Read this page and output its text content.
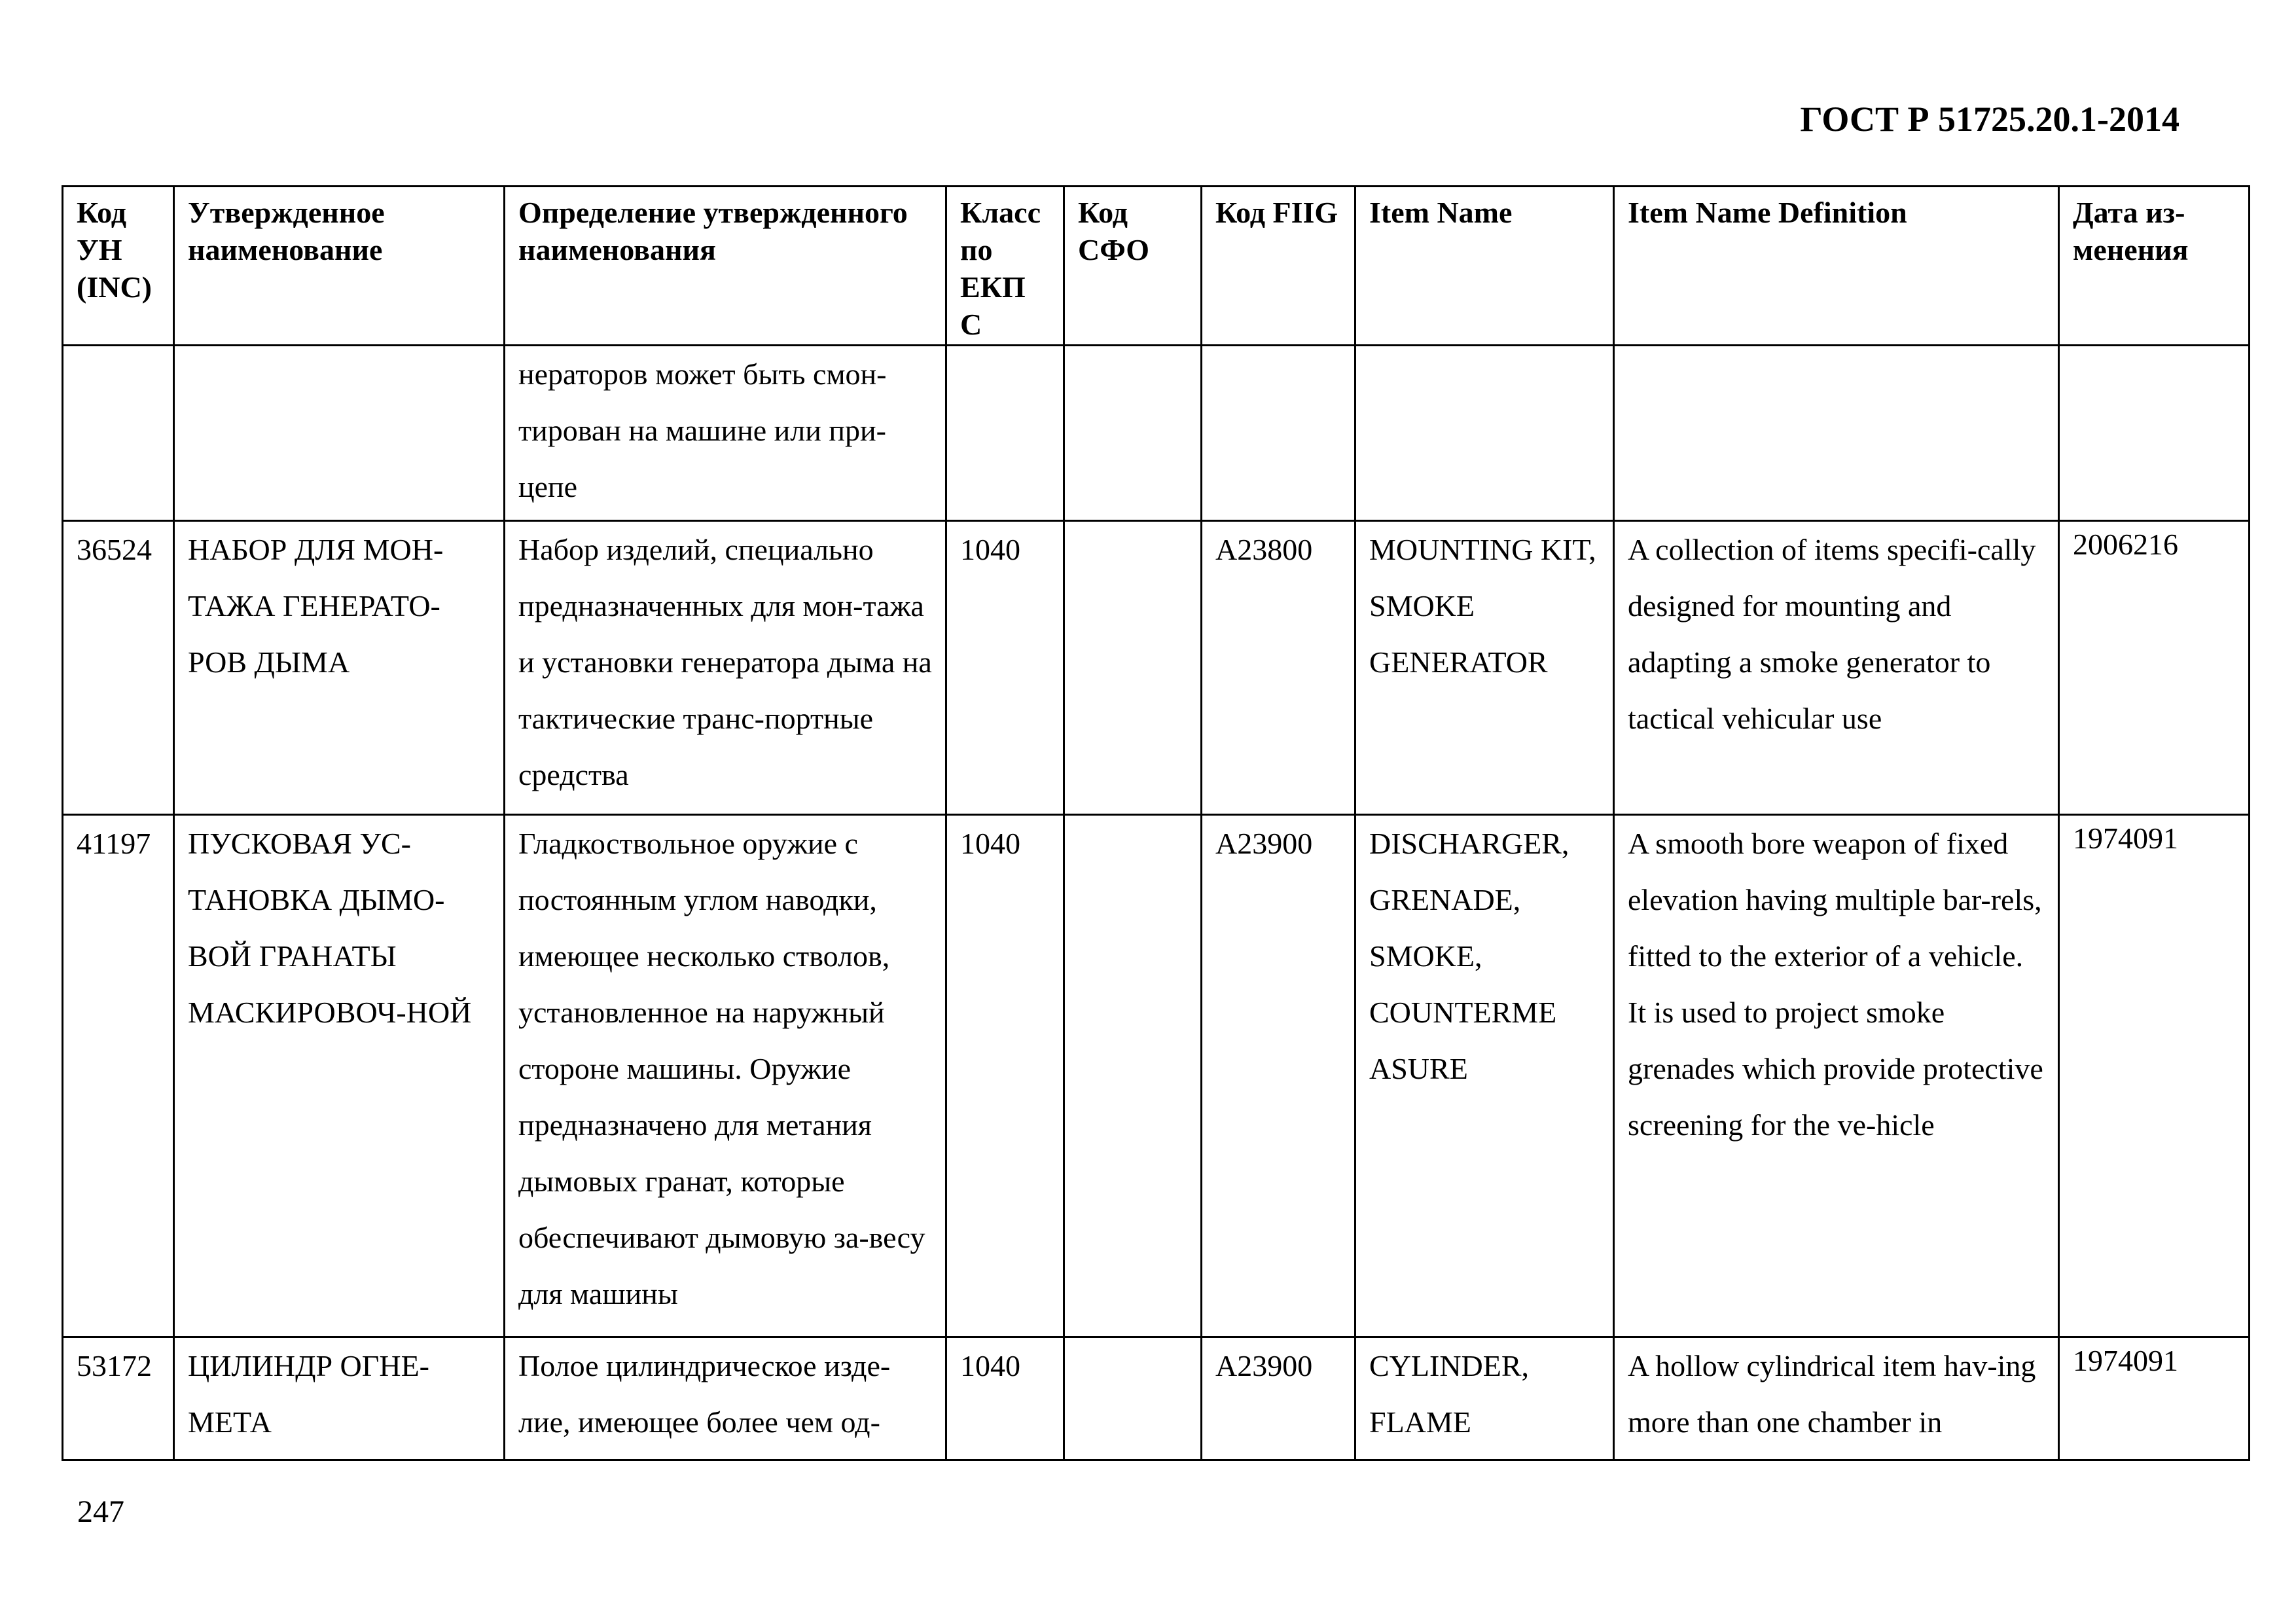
ГОСТ Р 51725.20.1-2014
Код УН (INC)	Утвержденное наименование	Определение утвержденного наименования	Класс по ЕКП С	Код СФО	Код FIIG	Item Name	Item Name Definition	Дата из-менения
		нераторов может быть смон-тирован на машине или при-цепе						
36524	НАБОР ДЛЯ МОН-ТАЖА ГЕНЕРАТО-РОВ ДЫМА	Набор изделий, специально предназначенных для мон-тажа и установки генератора дыма на тактические транс-портные средства	1040		A23800	MOUNTING KIT, SMOKE GENERATOR	A collection of items specifi-cally designed for mounting and adapting a smoke generator to tactical vehicular use	2006216

41197	ПУСКОВАЯ УС-ТАНОВКА ДЫМО-ВОЙ ГРАНАТЫ МАСКИРОВОЧ-НОЙ	Гладкоствольное оружие с постоянным углом наводки, имеющее несколько стволов, установленное на наружный стороне машины. Оружие предназначено для метания дымовых гранат, которые обеспечивают дымовую за-весу для машины	1040		A23900	DISCHARGER, GRENADE, SMOKE, COUNTERME ASURE	A smooth bore weapon of fixed elevation having multiple bar-rels, fitted to the exterior of a vehicle. It is used to project smoke grenades which provide protective screening for the ve-hicle	1974091

53172	ЦИЛИНДР ОГНЕ-МЕТА	Полое цилиндрическое изде-лие, имеющее более чем од-	1040		A23900	CYLINDER, FLAME	A hollow cylindrical item hav-ing more than one chamber in	1974091
247
